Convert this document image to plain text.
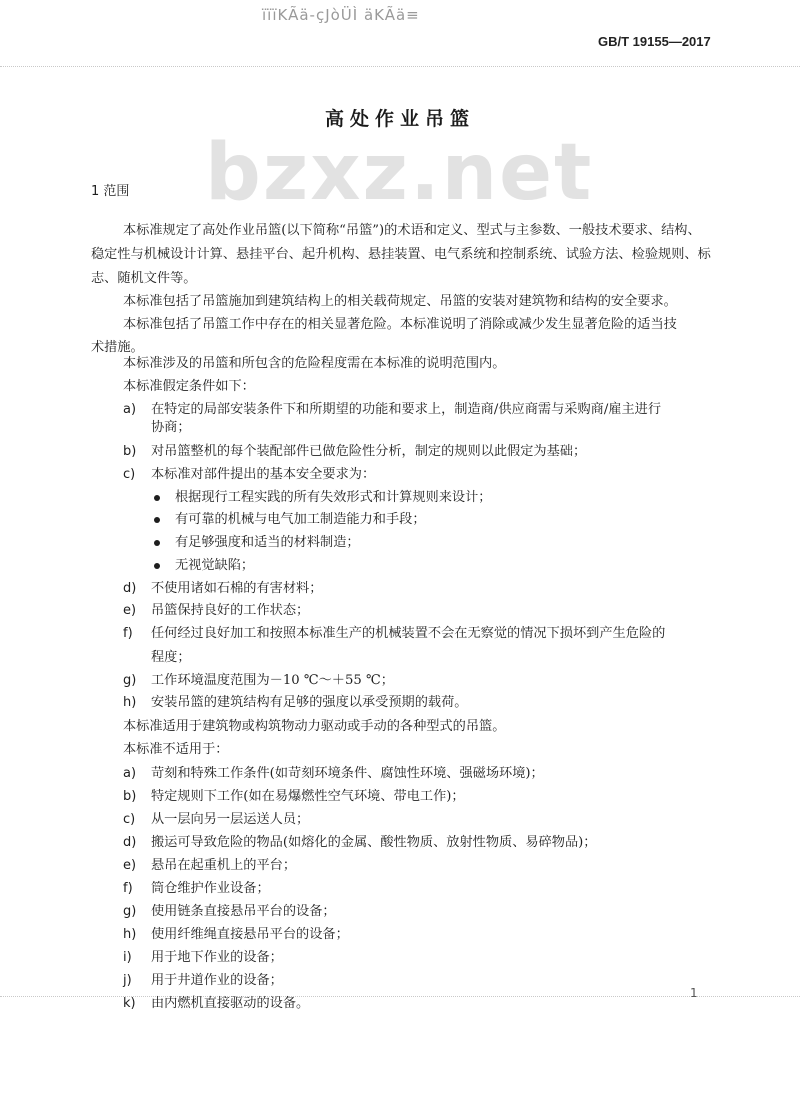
ïïïKÃä-çJòÜÌ äKÃä≡
GB/T 19155—2017
bzxz.net
高处作业吊篮
1 范围
本标准规定了高处作业吊篮(以下简称“吊篮”)的术语和定义、型式与主参数、一般技术要求、结构、
稳定性与机械设计计算、悬挂平台、起升机构、悬挂装置、电气系统和控制系统、试验方法、检验规则、标
志、随机文件等。
本标准包括了吊篮施加到建筑结构上的相关载荷规定、吊篮的安装对建筑物和结构的安全要求。
本标准包括了吊篮工作中存在的相关显著危险。本标准说明了消除或减少发生显著危险的适当技
术措施。
本标准涉及的吊篮和所包含的危险程度需在本标准的说明范围内。
本标准假定条件如下：
a) 在特定的局部安装条件下和所期望的功能和要求上，制造商/供应商需与采购商/雇主进行
协商；
b) 对吊篮整机的每个装配部件已做危险性分析，制定的规则以此假定为基础；
c) 本标准对部件提出的基本安全要求为：
根据现行工程实践的所有失效形式和计算规则来设计；
有可靠的机械与电气加工制造能力和手段；
有足够强度和适当的材料制造；
无视觉缺陷；
d) 不使用诸如石棉的有害材料；
e) 吊篮保持良好的工作状态；
f) 任何经过良好加工和按照本标准生产的机械装置不会在无察觉的情况下损坏到产生危险的
程度；
g) 工作环境温度范围为－10 ℃～＋55 ℃；
h) 安装吊篮的建筑结构有足够的强度以承受预期的载荷。
本标准适用于建筑物或构筑物动力驱动或手动的各种型式的吊篮。
本标准不适用于：
a) 苛刻和特殊工作条件(如苛刻环境条件、腐蚀性环境、强磁场环境)；
b) 特定规则下工作(如在易爆燃性空气环境、带电工作)；
c) 从一层向另一层运送人员；
d) 搬运可导致危险的物品(如熔化的金属、酸性物质、放射性物质、易碎物品)；
e) 悬吊在起重机上的平台；
f) 筒仓维护作业设备；
g) 使用链条直接悬吊平台的设备；
h) 使用纤维绳直接悬吊平台的设备；
i) 用于地下作业的设备；
j) 用于井道作业的设备；
k) 由内燃机直接驱动的设备。
1
